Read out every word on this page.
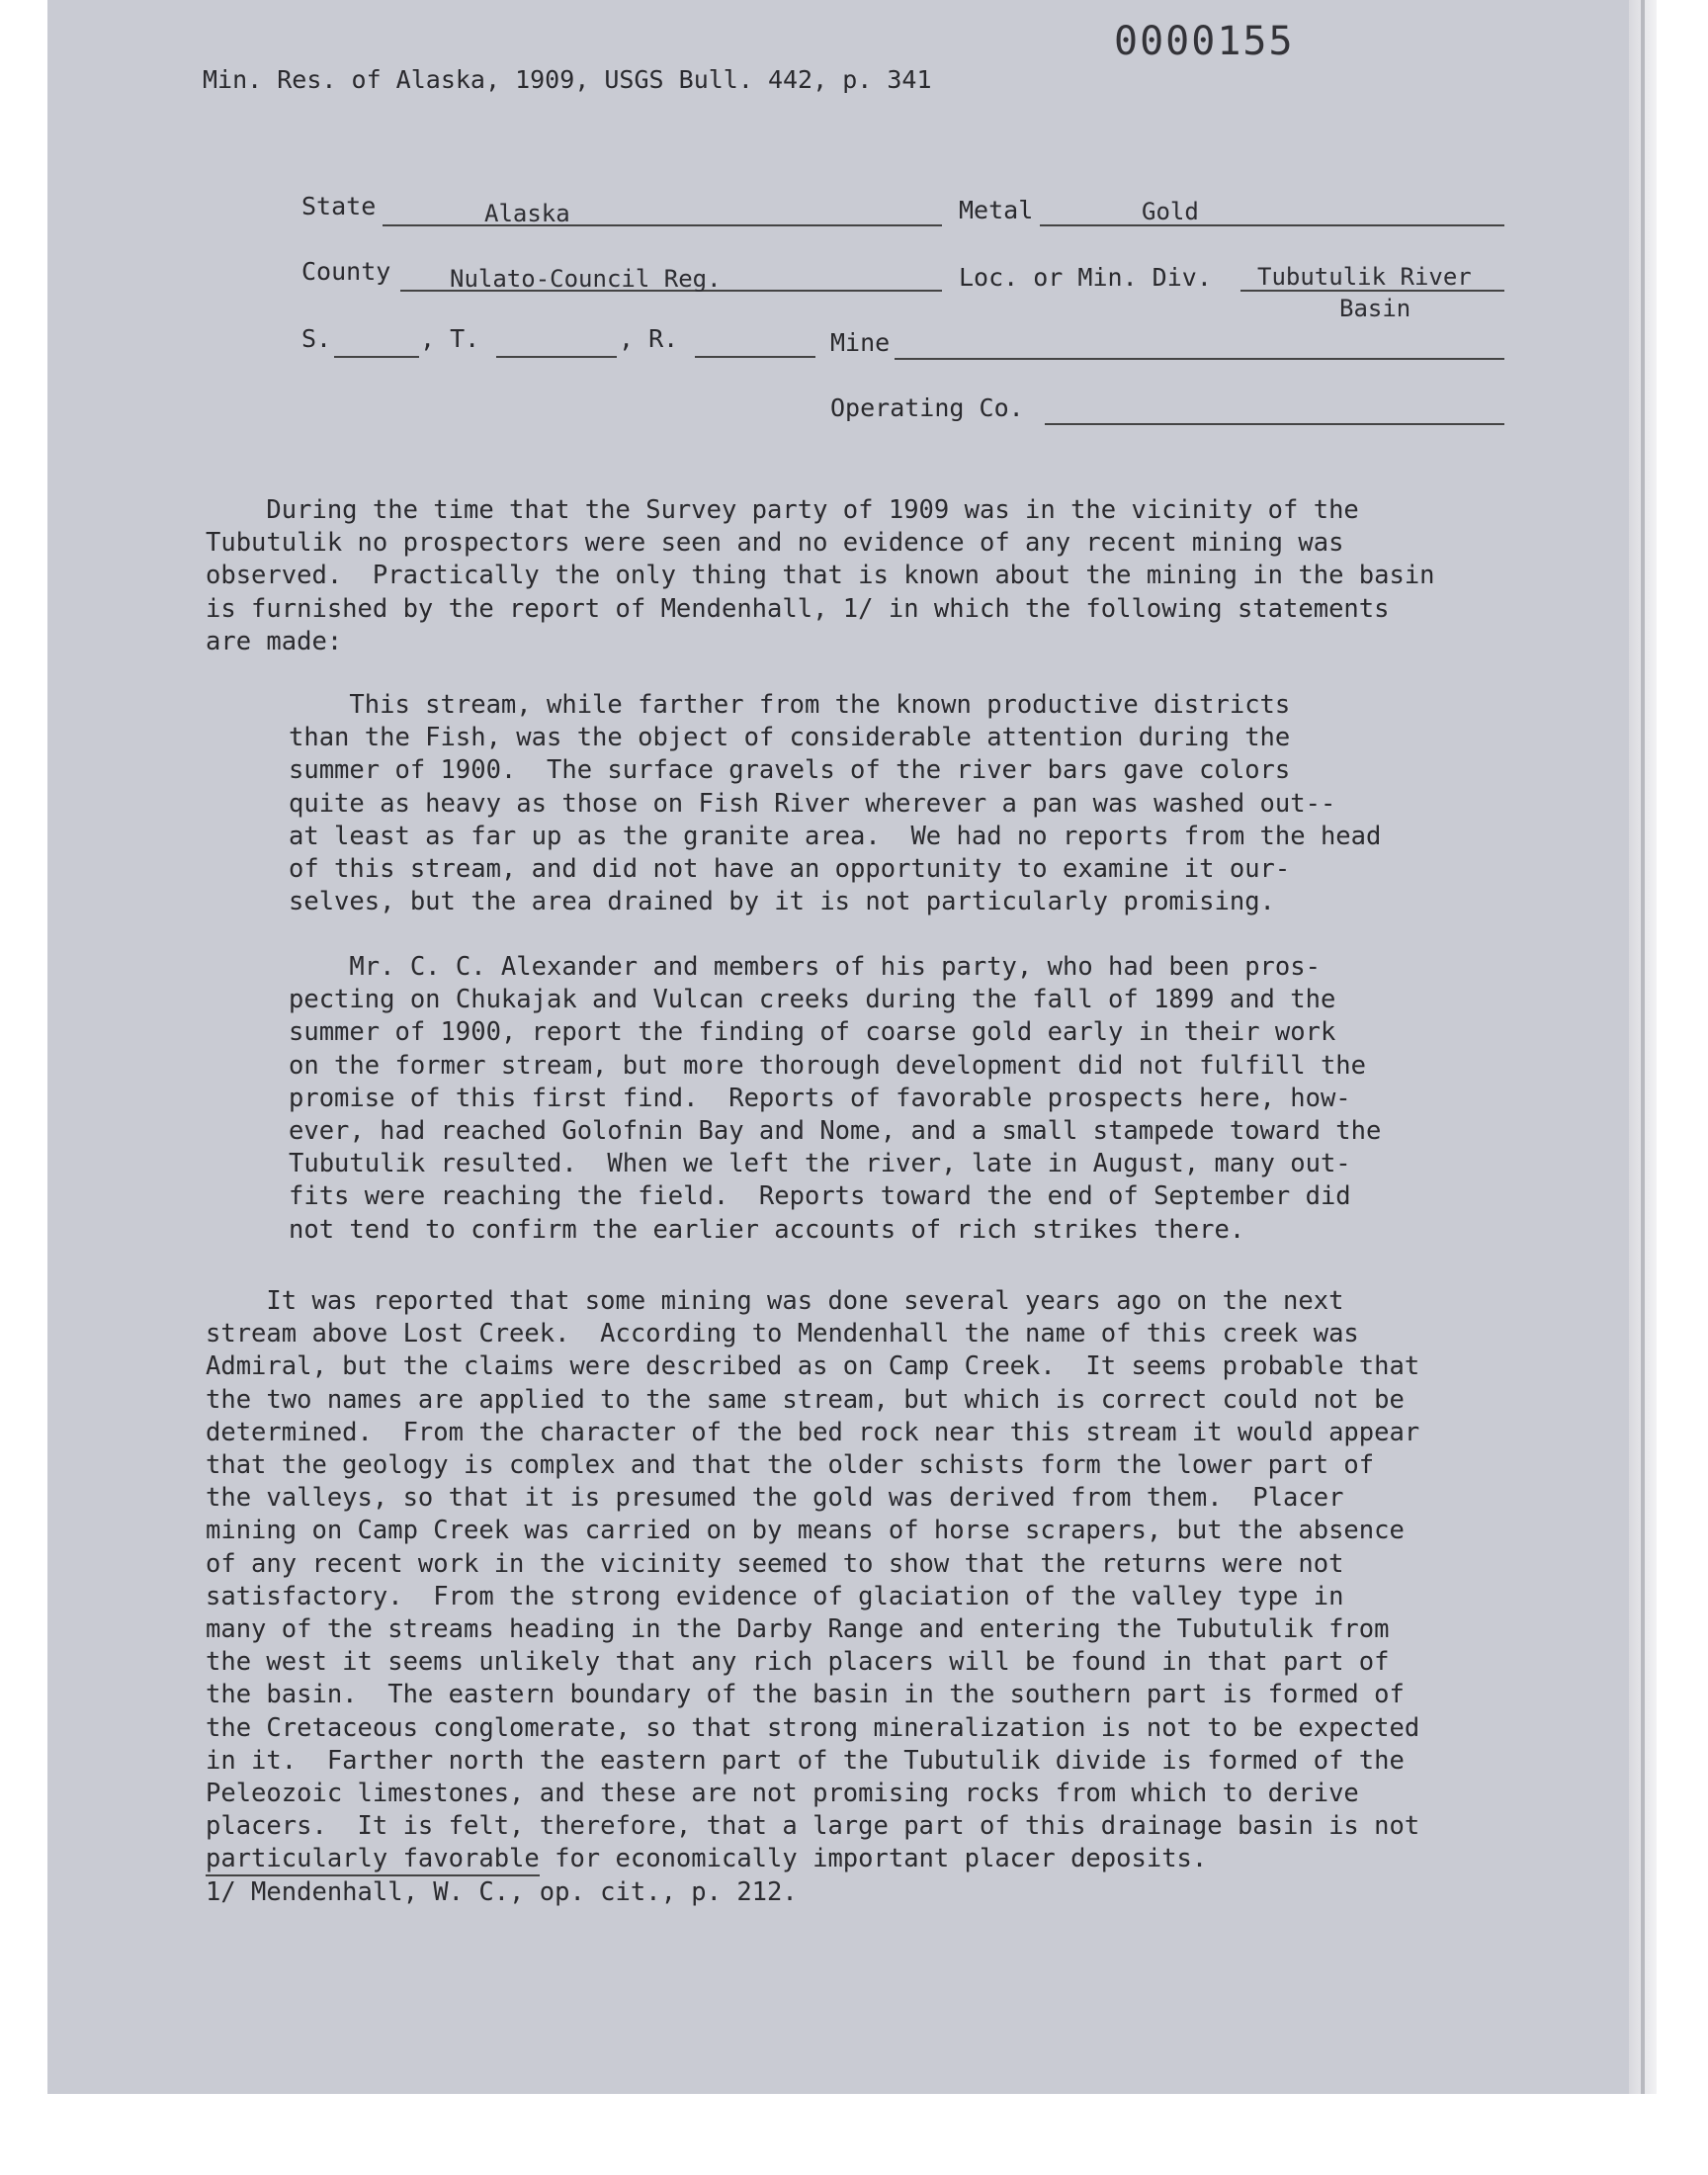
Min. Res. of Alaska, 1909, USGS Bull. 442, p. 341
0000155
State	Alaska	Metal	Gold
County Nulato-Council Reg.	Loc. or Min. Div. Tubutulik River
Basin
S.	, T.	, R.	Mine
Operating Co.
During the time that the Survey party of 1909 was in the vicinity of the
Tubutulik no prospectors were seen and no evidence of any recent mining was
observed.  Practically the only thing that is known about the mining in the basin
is furnished by the report of Mendenhall, 1/ in which the following statements
are made:
This stream, while farther from the known productive districts
than the Fish, was the object of considerable attention during the
summer of 1900.  The surface gravels of the river bars gave colors
quite as heavy as those on Fish River wherever a pan was washed out--
at least as far up as the granite area.  We had no reports from the head
of this stream, and did not have an opportunity to examine it our-
selves, but the area drained by it is not particularly promising.
Mr. C. C. Alexander and members of his party, who had been pros-
pecting on Chukajak and Vulcan creeks during the fall of 1899 and the
summer of 1900, report the finding of coarse gold early in their work
on the former stream, but more thorough development did not fulfill the
promise of this first find.  Reports of favorable prospects here, how-
ever, had reached Golofnin Bay and Nome, and a small stampede toward the
Tubutulik resulted.  When we left the river, late in August, many out-
fits were reaching the field.  Reports toward the end of September did
not tend to confirm the earlier accounts of rich strikes there.
It was reported that some mining was done several years ago on the next
stream above Lost Creek.  According to Mendenhall the name of this creek was
Admiral, but the claims were described as on Camp Creek.  It seems probable that
the two names are applied to the same stream, but which is correct could not be
determined.  From the character of the bed rock near this stream it would appear
that the geology is complex and that the older schists form the lower part of
the valleys, so that it is presumed the gold was derived from them.  Placer
mining on Camp Creek was carried on by means of horse scrapers, but the absence
of any recent work in the vicinity seemed to show that the returns were not
satisfactory.  From the strong evidence of glaciation of the valley type in
many of the streams heading in the Darby Range and entering the Tubutulik from
the west it seems unlikely that any rich placers will be found in that part of
the basin.  The eastern boundary of the basin in the southern part is formed of
the Cretaceous conglomerate, so that strong mineralization is not to be expected
in it.  Farther north the eastern part of the Tubutulik divide is formed of the
Peleozoic limestones, and these are not promising rocks from which to derive
placers.  It is felt, therefore, that a large part of this drainage basin is not
particularly favorable for economically important placer deposits.
1/ Mendenhall, W. C., op. cit., p. 212.
